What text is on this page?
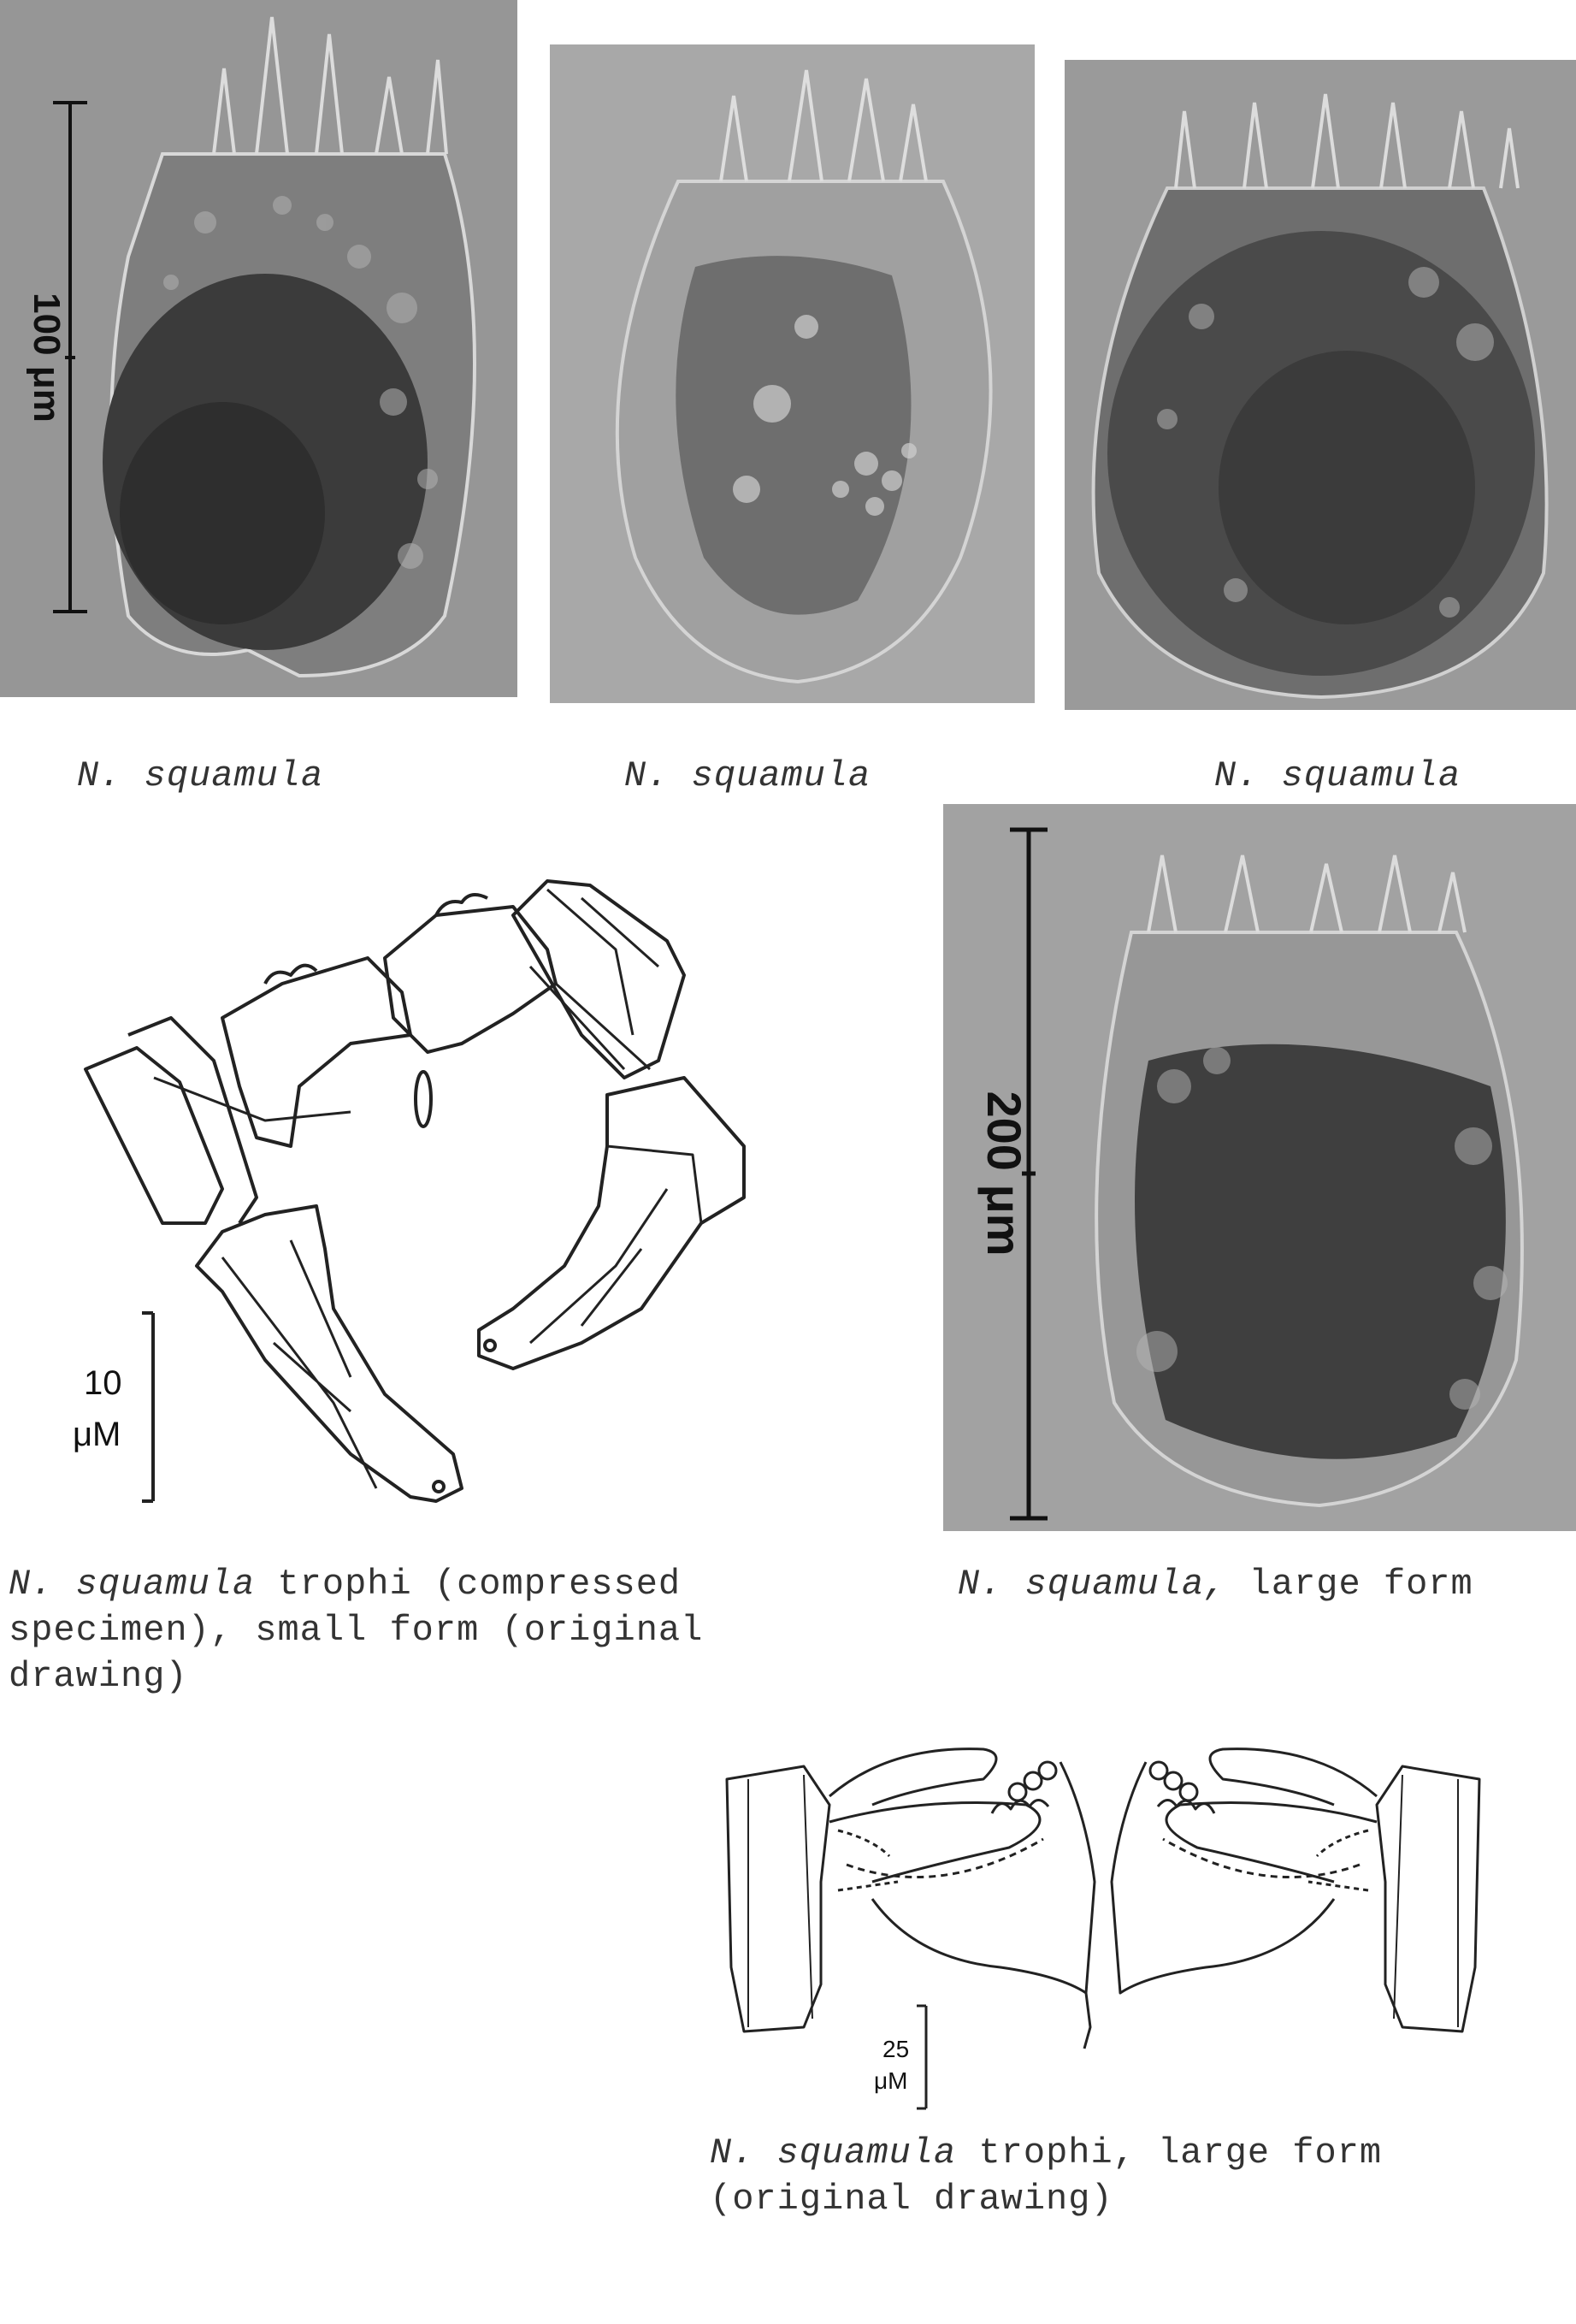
100 μm
N. squamula	N. squamula	N. squamula
10
μM
200 μm
N. squamula trophi (compressed
specimen), small form (original
drawing)
N. squamula, large form
25
μM
N. squamula trophi, large form
(original drawing)
